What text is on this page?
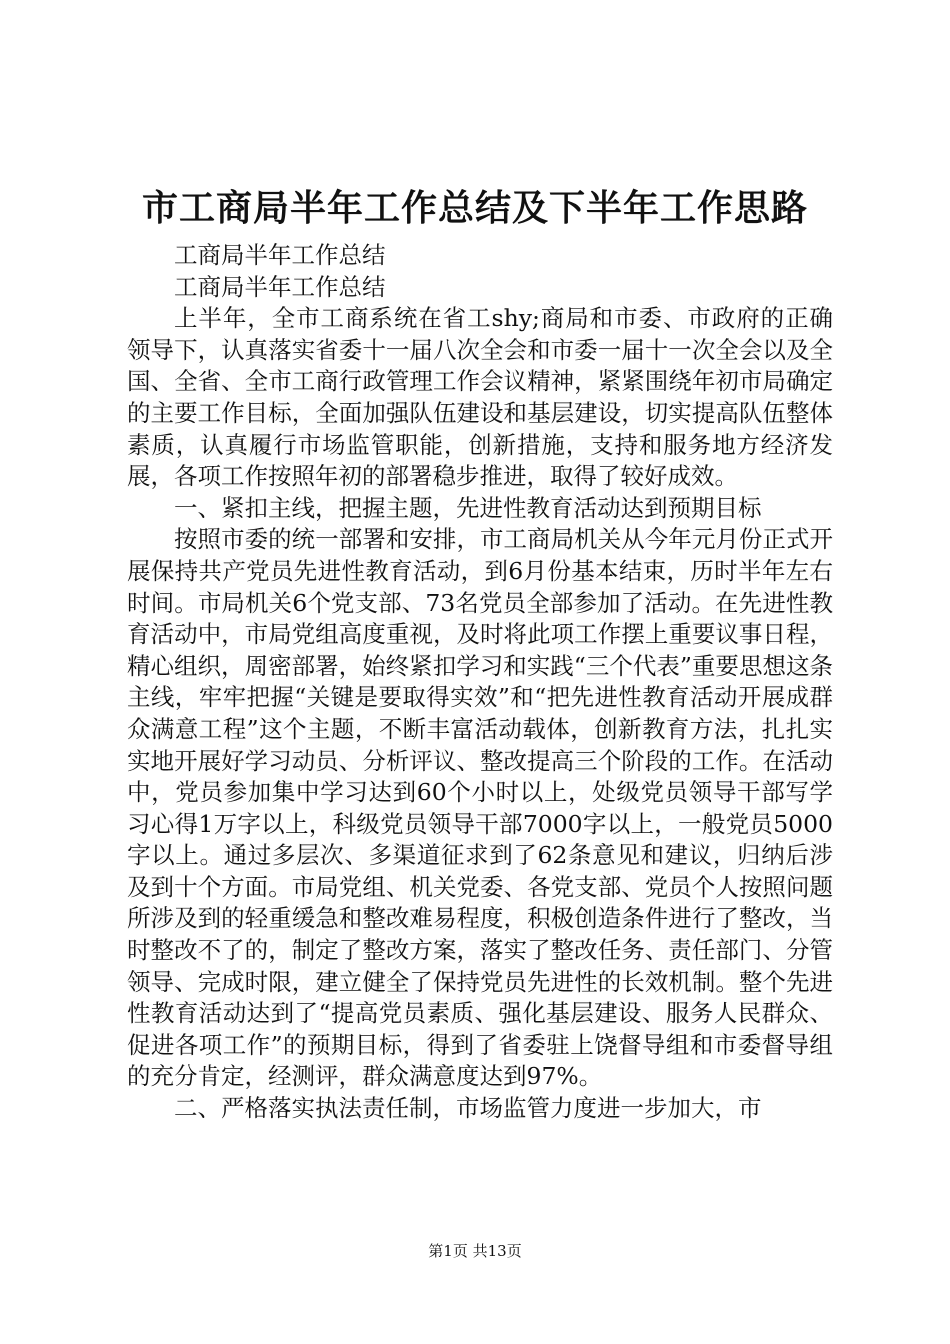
市工商局半年工作总结及下半年工作思路

工商局半年工作总结

工商局半年工作总结

上半年，全市工商系统在省工shy;商局和市委、市政府的正确领导下，认真落实省委十一届八次全会和市委一届十一次全会以及全国、全省、全市工商行政管理工作会议精神，紧紧围绕年初市局确定的主要工作目标，全面加强队伍建设和基层建设，切实提高队伍整体素质，认真履行市场监管职能，创新措施，支持和服务地方经济发展，各项工作按照年初的部署稳步推进，取得了较好成效。

一、紧扣主线，把握主题，先进性教育活动达到预期目标

按照市委的统一部署和安排，市工商局机关从今年元月份正式开展保持共产党员先进性教育活动，到6月份基本结束，历时半年左右时间。市局机关6个党支部、73名党员全部参加了活动。在先进性教育活动中，市局党组高度重视，及时将此项工作摆上重要议事日程，精心组织，周密部署，始终紧扣学习和实践“三个代表”重要思想这条主线，牢牢把握“关键是要取得实效”和“把先进性教育活动开展成群众满意工程”这个主题，不断丰富活动载体，创新教育方法，扎扎实实地开展好学习动员、分析评议、整改提高三个阶段的工作。在活动中，党员参加集中学习达到60个小时以上，处级党员领导干部写学习心得1万字以上，科级党员领导干部7000字以上，一般党员5000字以上。通过多层次、多渠道征求到了62条意见和建议，归纳后涉及到十个方面。市局党组、机关党委、各党支部、党员个人按照问题所涉及到的轻重缓急和整改难易程度，积极创造条件进行了整改，当时整改不了的，制定了整改方案，落实了整改任务、责任部门、分管领导、完成时限，建立健全了保持党员先进性的长效机制。整个先进性教育活动达到了“提高党员素质、强化基层建设、服务人民群众、促进各项工作”的预期目标，得到了省委驻上饶督导组和市委督导组的充分肯定，经测评，群众满意度达到97%。

二、严格落实执法责任制，市场监管力度进一步加大，市

第1页 共13页
